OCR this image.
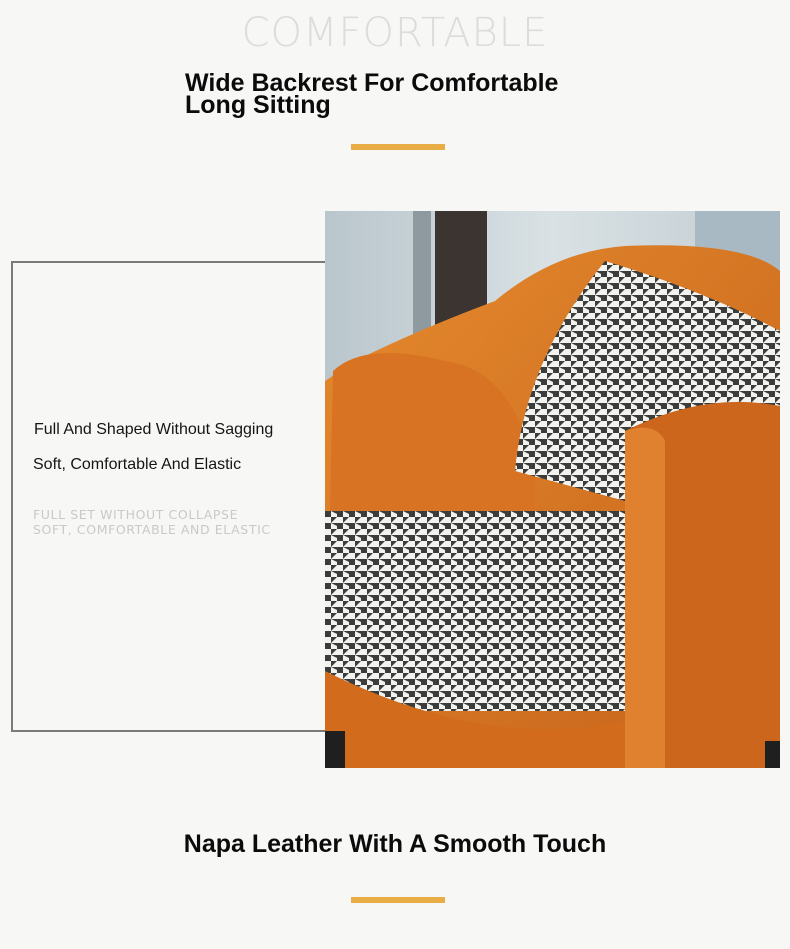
COMFORTABLE
Wide Backrest For Comfortable Long Sitting
Full And Shaped Without Sagging
Soft, Comfortable And Elastic
FULL SET WITHOUT COLLAPSE
SOFT, COMFORTABLE AND ELASTIC
Napa Leather With A Smooth Touch
